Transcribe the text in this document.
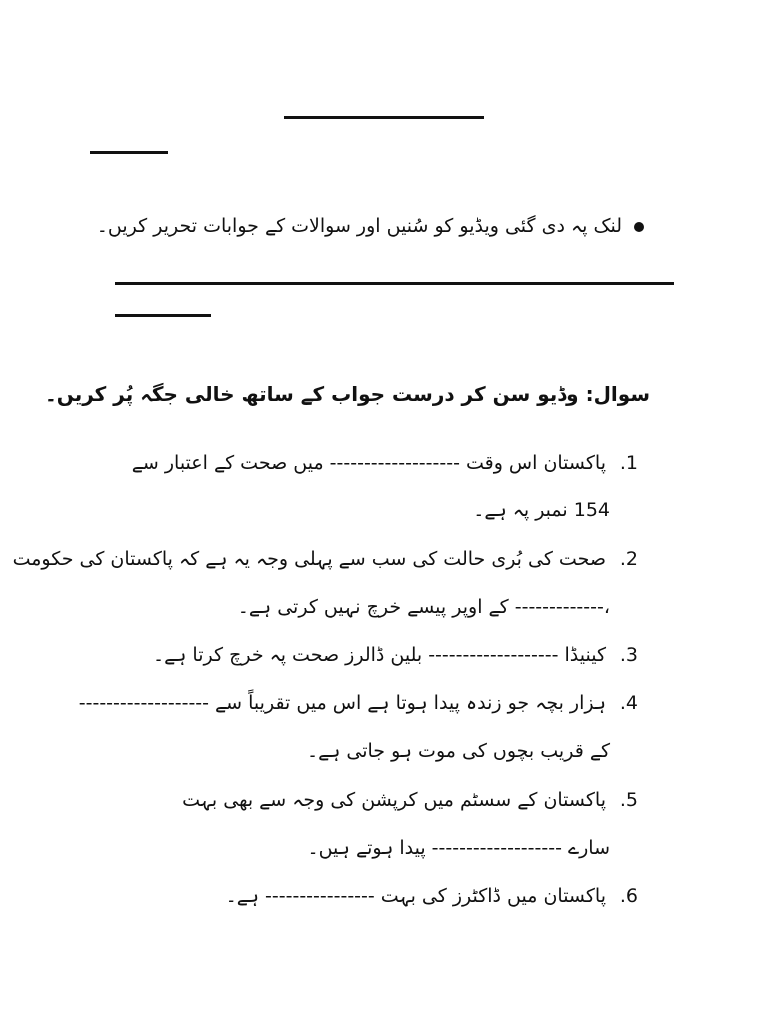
لنک پہ دی گئی ویڈیو کو سُنیں اور سوالات کے جوابات تحریر کریں۔
سوال: وڈیو سن کر درست جواب کے ساتھ خالی جگہ پُر کریں۔
1.
پاکستان اس وقت ------------------- میں صحت کے اعتبار سے
154 نمبر پہ ہے۔
2.
صحت کی بُری حالت کی سب سے پہلی وجہ یہ ہے کہ پاکستان کی حکومت
،------------- کے اوپر پیسے خرچ نہیں کرتی ہے۔
3.
کینیڈا ------------------- بلین ڈالرز صحت پہ خرچ کرتا ہے۔
4.
ہزار بچہ جو زندہ پیدا ہوتا ہے اس میں تقریباً سے -------------------
کے قریب بچوں کی موت ہو جاتی ہے۔
5.
پاکستان کے سسٹم میں کرپشن کی وجہ سے بھی بہت
سارے ------------------- پیدا ہوتے ہیں۔
6.
پاکستان میں ڈاکٹرز کی بہت ---------------- ہے۔
